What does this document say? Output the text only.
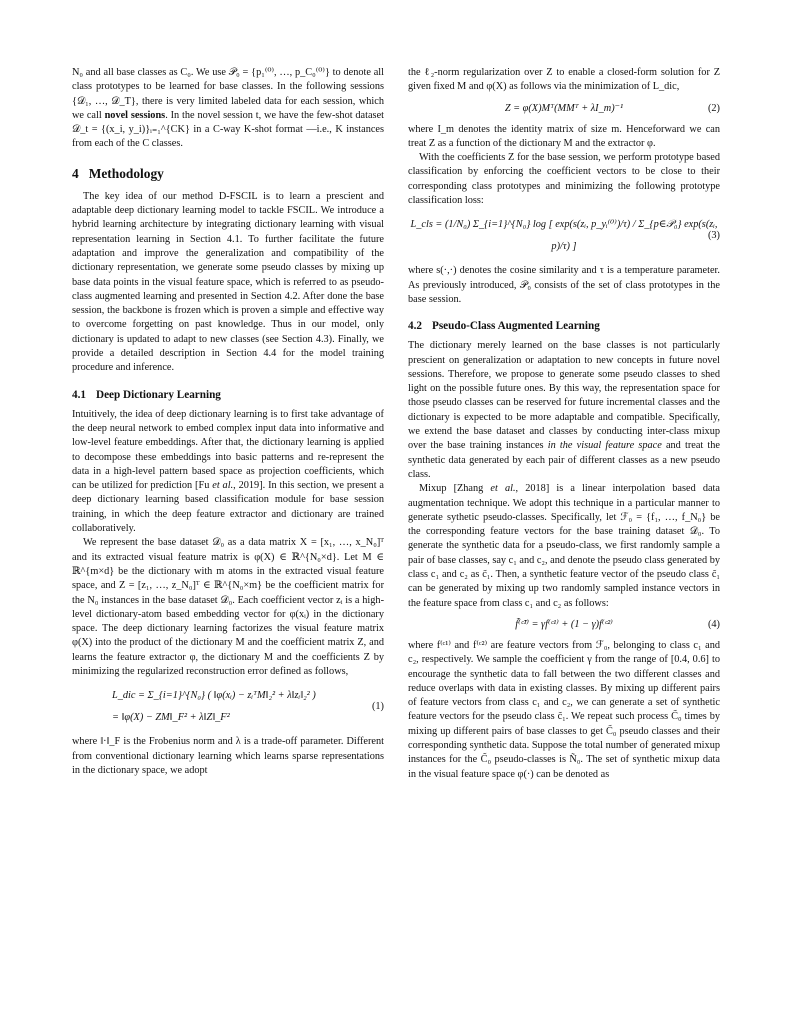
N₀ and all base classes as C₀. We use 𝒫₀ = {p₁⁽⁰⁾, …, p_C₀⁽⁰⁾} to denote all class prototypes to be learned for base classes. In the following sessions {𝒟₁, …, 𝒟_T}, there is very limited labeled data for each session, which we call novel sessions. In the novel session t, we have the few-shot dataset 𝒟_t = {(x_i, y_i)}ᵢ₌₁^{CK} in a C-way K-shot format —i.e., K instances from each of the C classes.

4 Methodology

The key idea of our method D-FSCIL is to learn a prescient and adaptable deep dictionary learning model to tackle FSCIL. We introduce a hybrid learning architecture by integrating dictionary learning with visual representation learning in Section 4.1. To further facilitate the future adaptation and improve the generalization and compatibility of the dictionary representation, we generate some pseudo classes by mixing up base data points in the visual feature space, which is referred to as pseudo-class augmented learning and presented in Section 4.2. After done the base session, the backbone is frozen which is proven a simple and effective way to overcome forgetting on past knowledge. Thus in our model, only dictionary is updated to adapt to new classes (see Section 4.3). Finally, we provide a detailed description in Section 4.4 for the model training procedure and inference.

4.1 Deep Dictionary Learning

Intuitively, the idea of deep dictionary learning is to first take advantage of the deep neural network to embed complex input data into informative and low-level feature embeddings. After that, the dictionary learning is applied to decompose these embeddings into basic patterns and re-represent the data in a high-level pattern based space as projection coefficients, which can be utilized for prediction [Fu et al., 2019]. In this section, we present a deep dictionary learning based classification module for base session training, in which the deep feature extractor and dictionary are trained collaboratively.

We represent the base dataset 𝒟₀ as a data matrix X = [x₁, …, x_N₀]ᵀ and its extracted visual feature matrix is φ(X) ∈ ℝ^{N₀×d}. Let M ∈ ℝ^{m×d} be the dictionary with m atoms in the extracted visual feature space, and Z = [z₁, …, z_N₀]ᵀ ∈ ℝ^{N₀×m} be the coefficient matrix for the N₀ instances in the base dataset 𝒟₀. Each coefficient vector zᵢ is a high-level dictionary-atom based embedding vector for φ(xᵢ) in the dictionary space. The deep dictionary learning factorizes the visual feature matrix φ(X) into the product of the dictionary M and the coefficient matrix Z, and learns the feature extractor φ, the dictionary M and the coefficients Z by minimizing the regularized reconstruction error defined as follows,

L_dic = Σ_{i=1}^{N₀} ( ‖φ(xᵢ) − zᵢᵀM‖₂² + λ‖zᵢ‖₂² )
= ‖φ(X) − ZM‖_F² + λ‖Z‖_F²
(1)

where ‖·‖_F is the Frobenius norm and λ is a trade-off parameter. Different from conventional dictionary learning which learns sparse representations in the dictionary space, we adopt

the ℓ₂-norm regularization over Z to enable a closed-form solution for Z given fixed M and φ(X) as follows via the minimization of L_dic,

Z = φ(X)Mᵀ(MMᵀ + λI_m)⁻¹	(2)

where I_m denotes the identity matrix of size m. Henceforward we can treat Z as a function of the dictionary M and the extractor φ.

With the coefficients Z for the base session, we perform prototype based classification by enforcing the coefficient vectors to be close to their corresponding class prototypes and minimizing the following prototype classification loss:

L_cls = (1/N₀) Σ_{i=1}^{N₀} log [ exp(s(zᵢ, p_yᵢ⁽⁰⁾)/τ) / Σ_{p∈𝒫₀} exp(s(zᵢ, p)/τ) ]
(3)

where s(·,·) denotes the cosine similarity and τ is a temperature parameter. As previously introduced, 𝒫₀ consists of the set of class prototypes in the base session.

4.2 Pseudo-Class Augmented Learning

The dictionary merely learned on the base classes is not particularly prescient on generalization or adaptation to new concepts in future novel sessions. Therefore, we propose to generate some pseudo classes to shed light on the possible future ones. By this way, the representation space for those pseudo classes can be reserved for future incremental classes and the dictionary is expected to be more adaptable and compatible. Specifically, we extend the base dataset and classes by conducting inter-class mixup over the base training instances in the visual feature space and treat the synthetic data generated by each pair of different classes as a new pseudo class.

Mixup [Zhang et al., 2018] is a linear interpolation based data augmentation technique. We adopt this technique in a particular manner to generate sythetic pseudo-classes. Specifically, let ℱ₀ = {f₁, …, f_N₀} be the corresponding feature vectors for the base training dataset 𝒟₀. To generate the synthetic data for a pseudo-class, we first randomly sample a pair of base classes, say c₁ and c₂, and denote the pseudo class generated by class c₁ and c₂ as c̃₁. Then, a synthetic feature vector of the pseudo class c̃₁ can be generated by mixing up two randomly sampled instance vectors in the feature space from class c₁ and c₂ as follows:

f̃⁽ᶜ̃¹⁾ = γf⁽ᶜ¹⁾ + (1 − γ)f⁽ᶜ²⁾	(4)

where f⁽ᶜ¹⁾ and f⁽ᶜ²⁾ are feature vectors from ℱ₀, belonging to class c₁ and c₂, respectively. We sample the coefficient γ from the range of [0.4, 0.6] to encourage the synthetic data to fall between the two different classes and reduce overlaps with data in existing classes. By mixing up different pairs of feature vectors from class c₁ and c₂, we can generate a set of synthetic feature vectors for the pseudo class c̃₁. We repeat such process C̃₀ times by mixing up different pairs of base classes to get C̃₀ pseudo classes and their corresponding synthetic data. Suppose the total number of generated mixup instances for the C̃₀ pseudo-classes is Ñ₀. The set of synthetic mixup data in the visual feature space φ(·) can be denoted as
